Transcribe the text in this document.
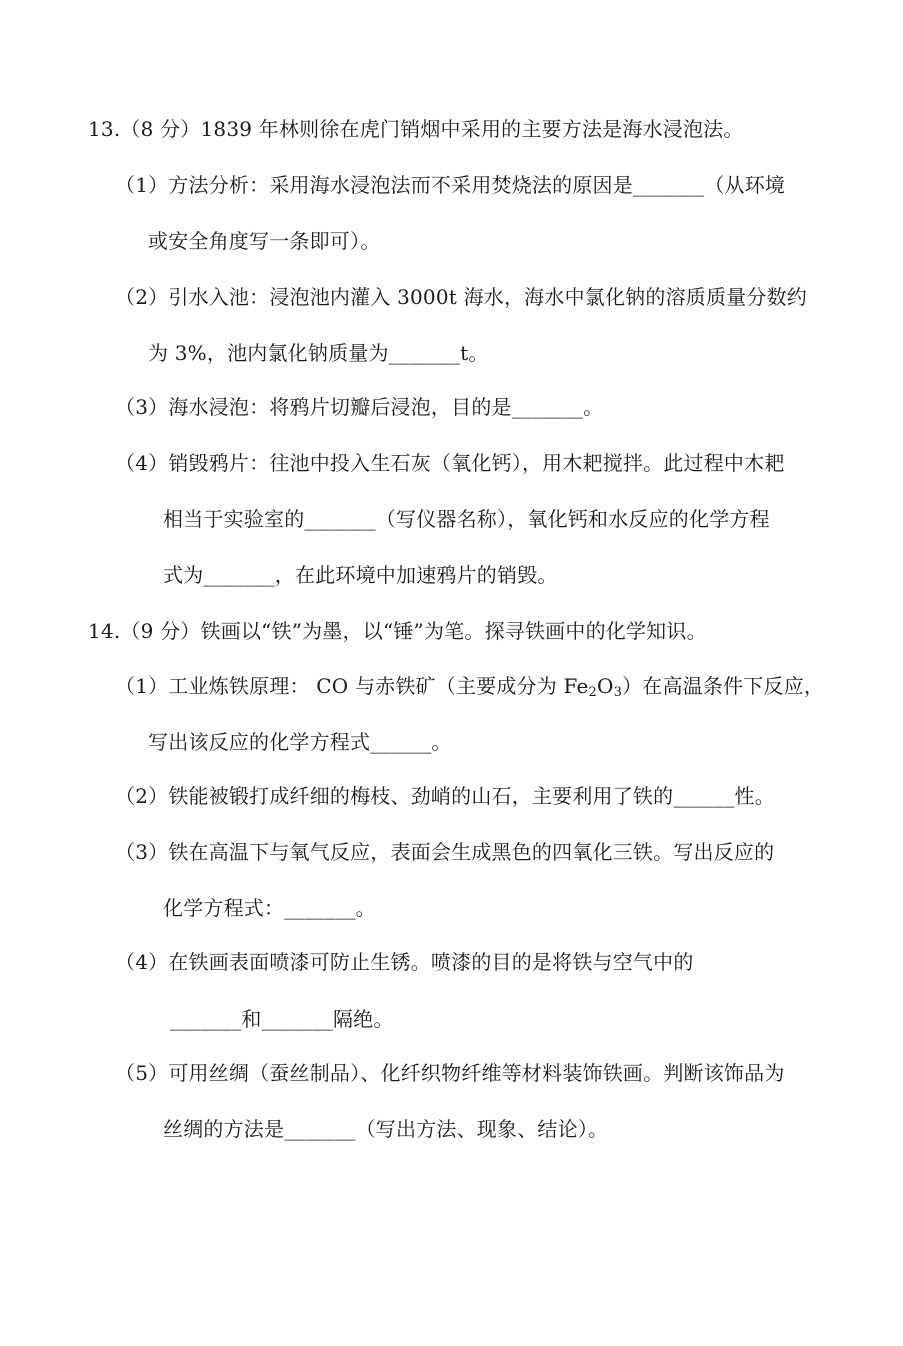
13.（8 分）1839 年林则徐在虎门销烟中采用的主要方法是海水浸泡法。
（1）方法分析：采用海水浸泡法而不采用焚烧法的原因是_______（从环境
或安全角度写一条即可）。
（2）引水入池：浸泡池内灌入 3000t 海水，海水中氯化钠的溶质质量分数约
为 3%，池内氯化钠质量为_______t。
（3）海水浸泡：将鸦片切瓣后浸泡，目的是_______。
（4）销毁鸦片：往池中投入生石灰（氧化钙），用木耙搅拌。此过程中木耙
相当于实验室的_______（写仪器名称），氧化钙和水反应的化学方程
式为_______，在此环境中加速鸦片的销毁。
14.（9 分）铁画以“铁”为墨，以“锤”为笔。探寻铁画中的化学知识。
（1）工业炼铁原理： CO 与赤铁矿（主要成分为 $Fe_2O_3$）在高温条件下反应，
写出该反应的化学方程式______。
（2）铁能被锻打成纤细的梅枝、劲峭的山石，主要利用了铁的______性。
（3）铁在高温下与氧气反应，表面会生成黑色的四氧化三铁。写出反应的
化学方程式：_______。
（4）在铁画表面喷漆可防止生锈。喷漆的目的是将铁与空气中的
_______和_______隔绝。
（5）可用丝绸（蚕丝制品）、化纤织物纤维等材料装饰铁画。判断该饰品为
丝绸的方法是_______（写出方法、现象、结论）。
